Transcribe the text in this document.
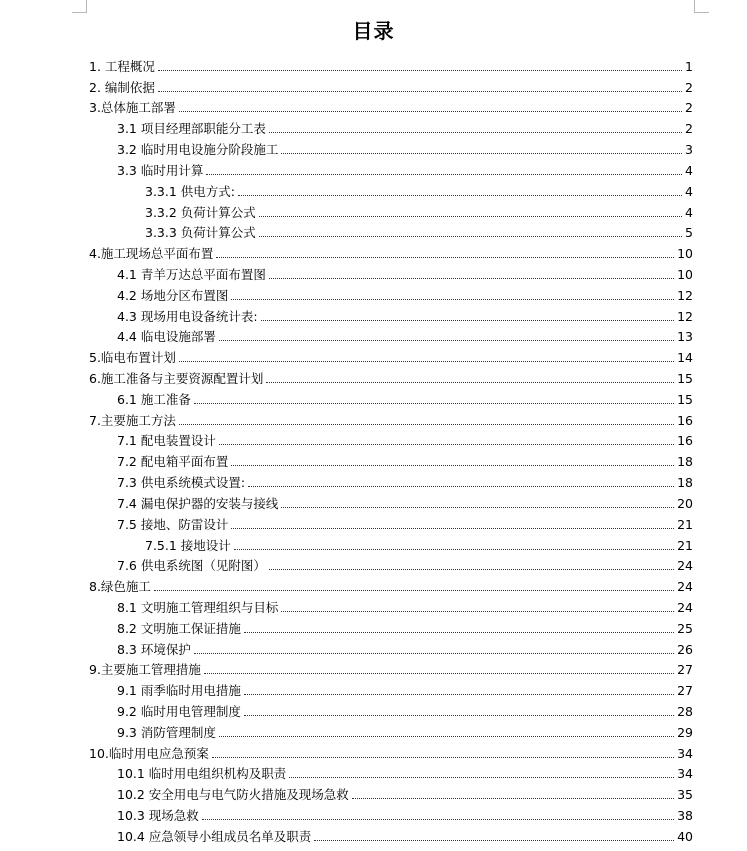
目录
1. 工程概况	1
2. 编制依据	2
3.总体施工部署	2
3.1 项目经理部职能分工表	2
3.2 临时用电设施分阶段施工	3
3.3 临时用计算	4
3.3.1 供电方式:	4
3.3.2 负荷计算公式	4
3.3.3 负荷计算公式	5
4.施工现场总平面布置	10
4.1 青羊万达总平面布置图	10
4.2 场地分区布置图	12
4.3 现场用电设备统计表:	12
4.4 临电设施部署	13
5.临电布置计划	14
6.施工准备与主要资源配置计划	15
6.1 施工准备	15
7.主要施工方法	16
7.1 配电装置设计	16
7.2 配电箱平面布置	18
7.3 供电系统模式设置:	18
7.4 漏电保护器的安装与接线	20
7.5 接地、防雷设计	21
7.5.1 接地设计	21
7.6 供电系统图（见附图）	24
8.绿色施工	24
8.1 文明施工管理组织与目标	24
8.2 文明施工保证措施	25
8.3 环境保护	26
9.主要施工管理措施	27
9.1 雨季临时用电措施	27
9.2 临时用电管理制度	28
9.3 消防管理制度	29
10.临时用电应急预案	34
10.1 临时用电组织机构及职责	34
10.2 安全用电与电气防火措施及现场急救	35
10.3 现场急救	38
10.4 应急领导小组成员名单及职责	40
